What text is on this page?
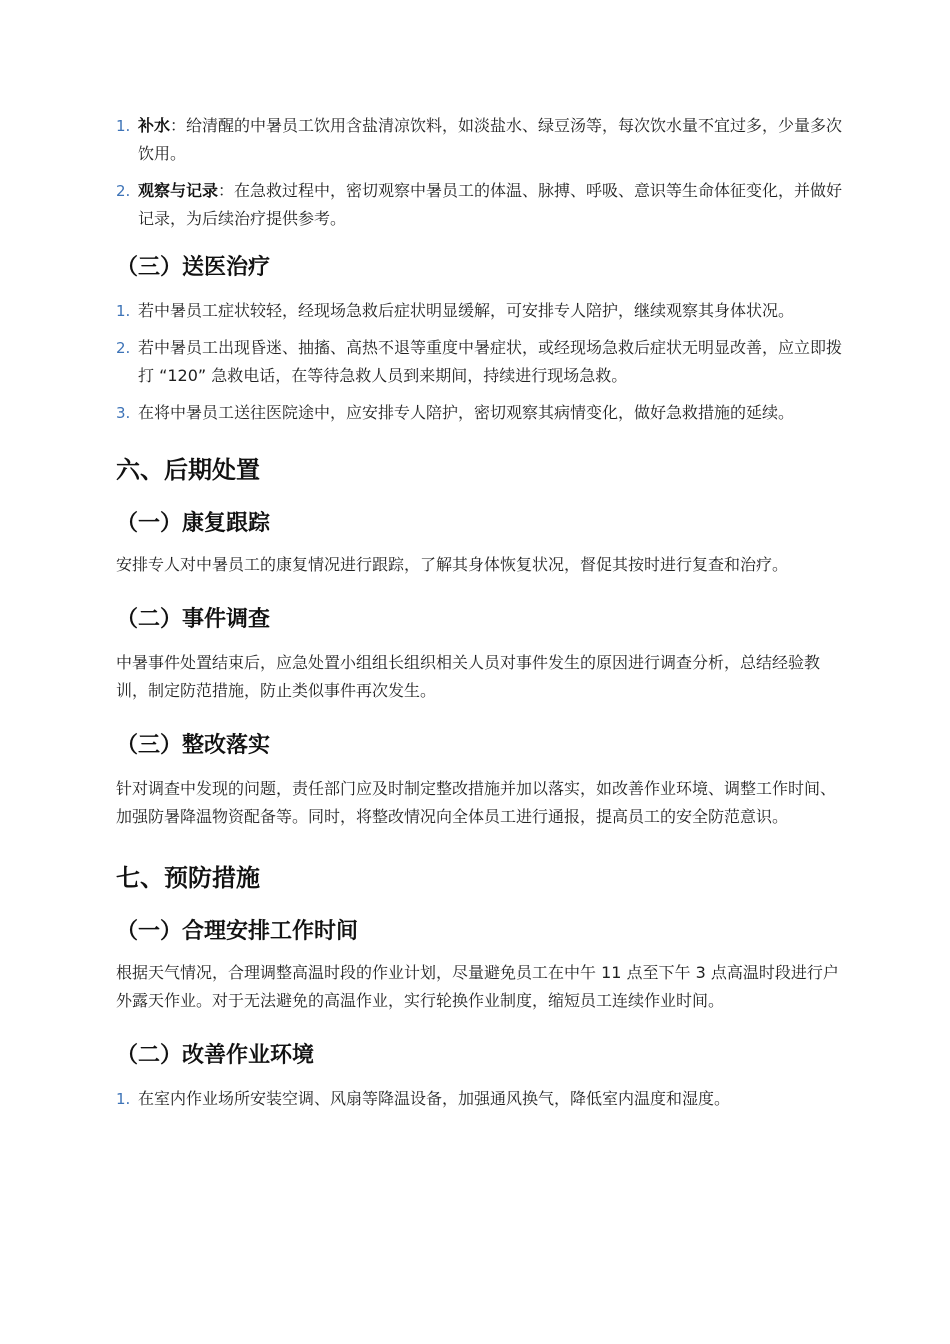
1. 补水：给清醒的中暑员工饮用含盐清凉饮料，如淡盐水、绿豆汤等，每次饮水量不宜过多，少量多次饮用。
2. 观察与记录：在急救过程中，密切观察中暑员工的体温、脉搏、呼吸、意识等生命体征变化，并做好记录，为后续治疗提供参考。
（三）送医治疗
1. 若中暑员工症状较轻，经现场急救后症状明显缓解，可安排专人陪护，继续观察其身体状况。
2. 若中暑员工出现昏迷、抽搐、高热不退等重度中暑症状，或经现场急救后症状无明显改善，应立即拨打 “120” 急救电话，在等待急救人员到来期间，持续进行现场急救。
3. 在将中暑员工送往医院途中，应安排专人陪护，密切观察其病情变化，做好急救措施的延续。
六、后期处置
（一）康复跟踪

安排专人对中暑员工的康复情况进行跟踪，了解其身体恢复状况，督促其按时进行复查和治疗。

（二）事件调查

中暑事件处置结束后，应急处置小组组长组织相关人员对事件发生的原因进行调查分析，总结经验教训，制定防范措施，防止类似事件再次发生。

（三）整改落实

针对调查中发现的问题，责任部门应及时制定整改措施并加以落实，如改善作业环境、调整工作时间、加强防暑降温物资配备等。同时，将整改情况向全体员工进行通报，提高员工的安全防范意识。

七、预防措施
（一）合理安排工作时间

根据天气情况，合理调整高温时段的作业计划，尽量避免员工在中午 11 点至下午 3 点高温时段进行户外露天作业。对于无法避免的高温作业，实行轮换作业制度，缩短员工连续作业时间。

（二）改善作业环境
1. 在室内作业场所安装空调、风扇等降温设备，加强通风换气，降低室内温度和湿度。
